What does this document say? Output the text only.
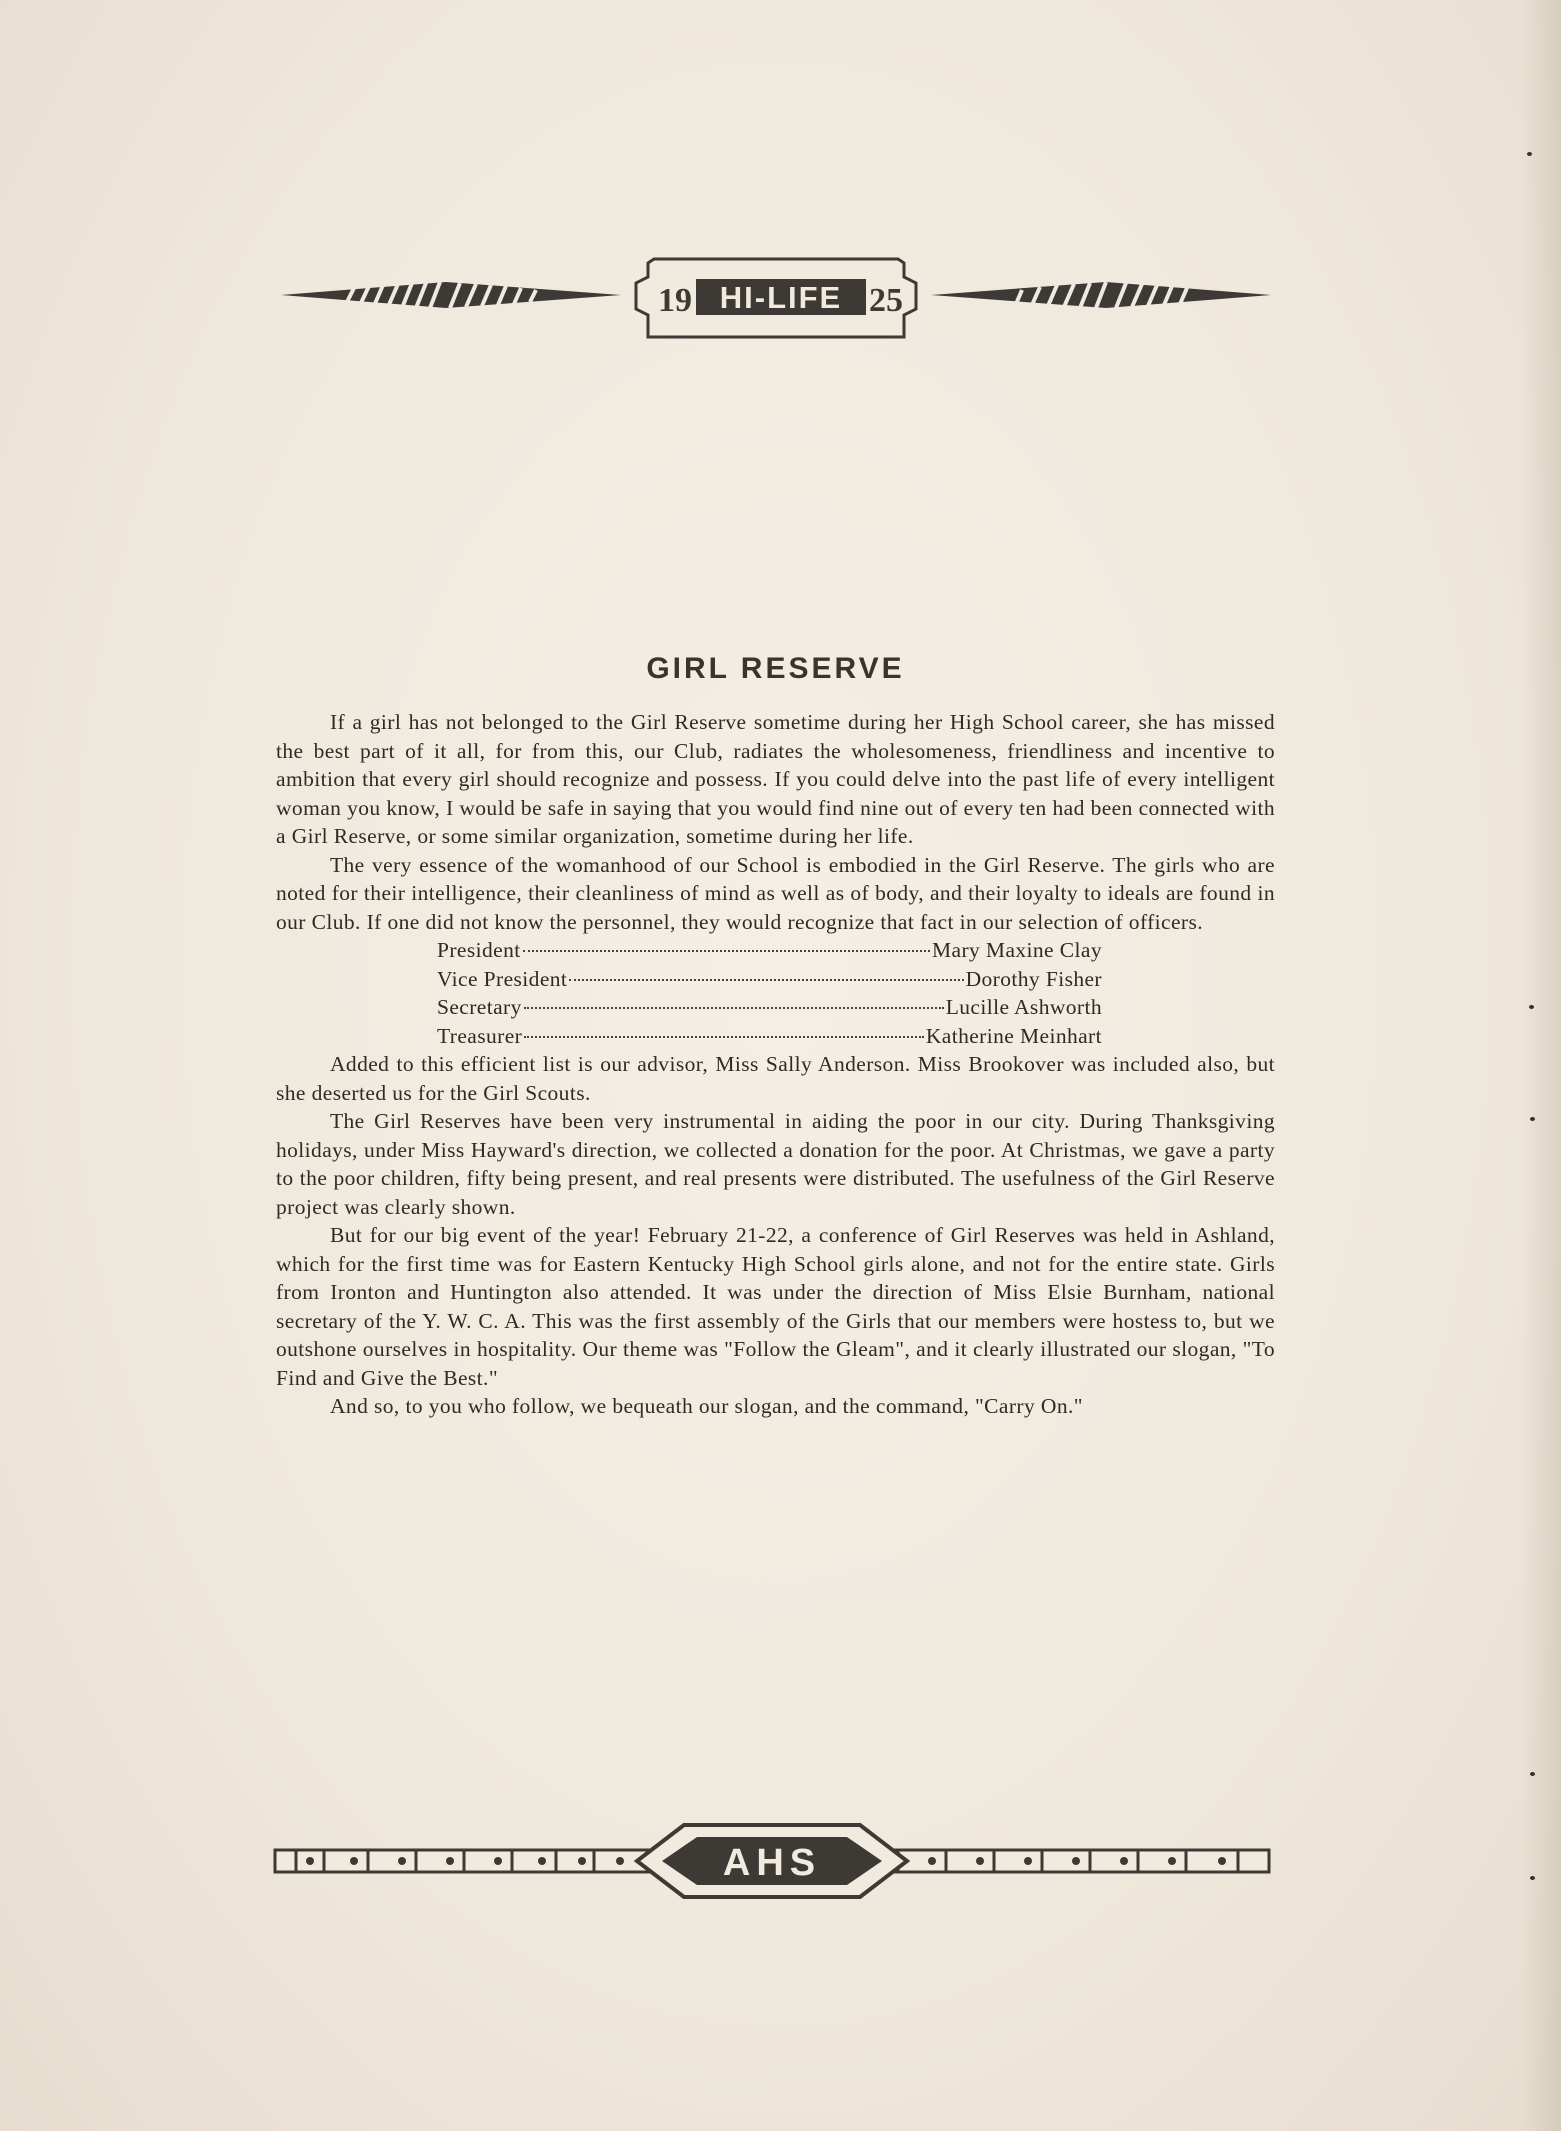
19 HI-LIFE 25
GIRL RESERVE

If a girl has not belonged to the Girl Reserve sometime during her High School career, she has missed the best part of it all, for from this, our Club, radiates the wholesomeness, friendliness and incentive to ambition that every girl should recognize and possess. If you could delve into the past life of every intelligent woman you know, I would be safe in saying that you would find nine out of every ten had been connected with a Girl Reserve, or some similar organization, sometime during her life.

The very essence of the womanhood of our School is embodied in the Girl Reserve. The girls who are noted for their intelligence, their cleanliness of mind as well as of body, and their loyalty to ideals are found in our Club. If one did not know the personnel, they would recognize that fact in our selection of officers.

President	Mary Maxine Clay
Vice President	Dorothy Fisher
Secretary	Lucille Ashworth
Treasurer	Katherine Meinhart

Added to this efficient list is our advisor, Miss Sally Anderson. Miss Brookover was included also, but she deserted us for the Girl Scouts.

The Girl Reserves have been very instrumental in aiding the poor in our city. During Thanksgiving holidays, under Miss Hayward's direction, we collected a donation for the poor. At Christmas, we gave a party to the poor children, fifty being present, and real presents were distributed. The usefulness of the Girl Reserve project was clearly shown.

But for our big event of the year! February 21-22, a conference of Girl Reserves was held in Ashland, which for the first time was for Eastern Kentucky High School girls alone, and not for the entire state. Girls from Ironton and Huntington also attended. It was under the direction of Miss Elsie Burnham, national secretary of the Y. W. C. A. This was the first assembly of the Girls that our members were hostess to, but we outshone ourselves in hospitality. Our theme was "Follow the Gleam", and it clearly illustrated our slogan, "To Find and Give the Best."

And so, to you who follow, we bequeath our slogan, and the command, "Carry On."

AHS
